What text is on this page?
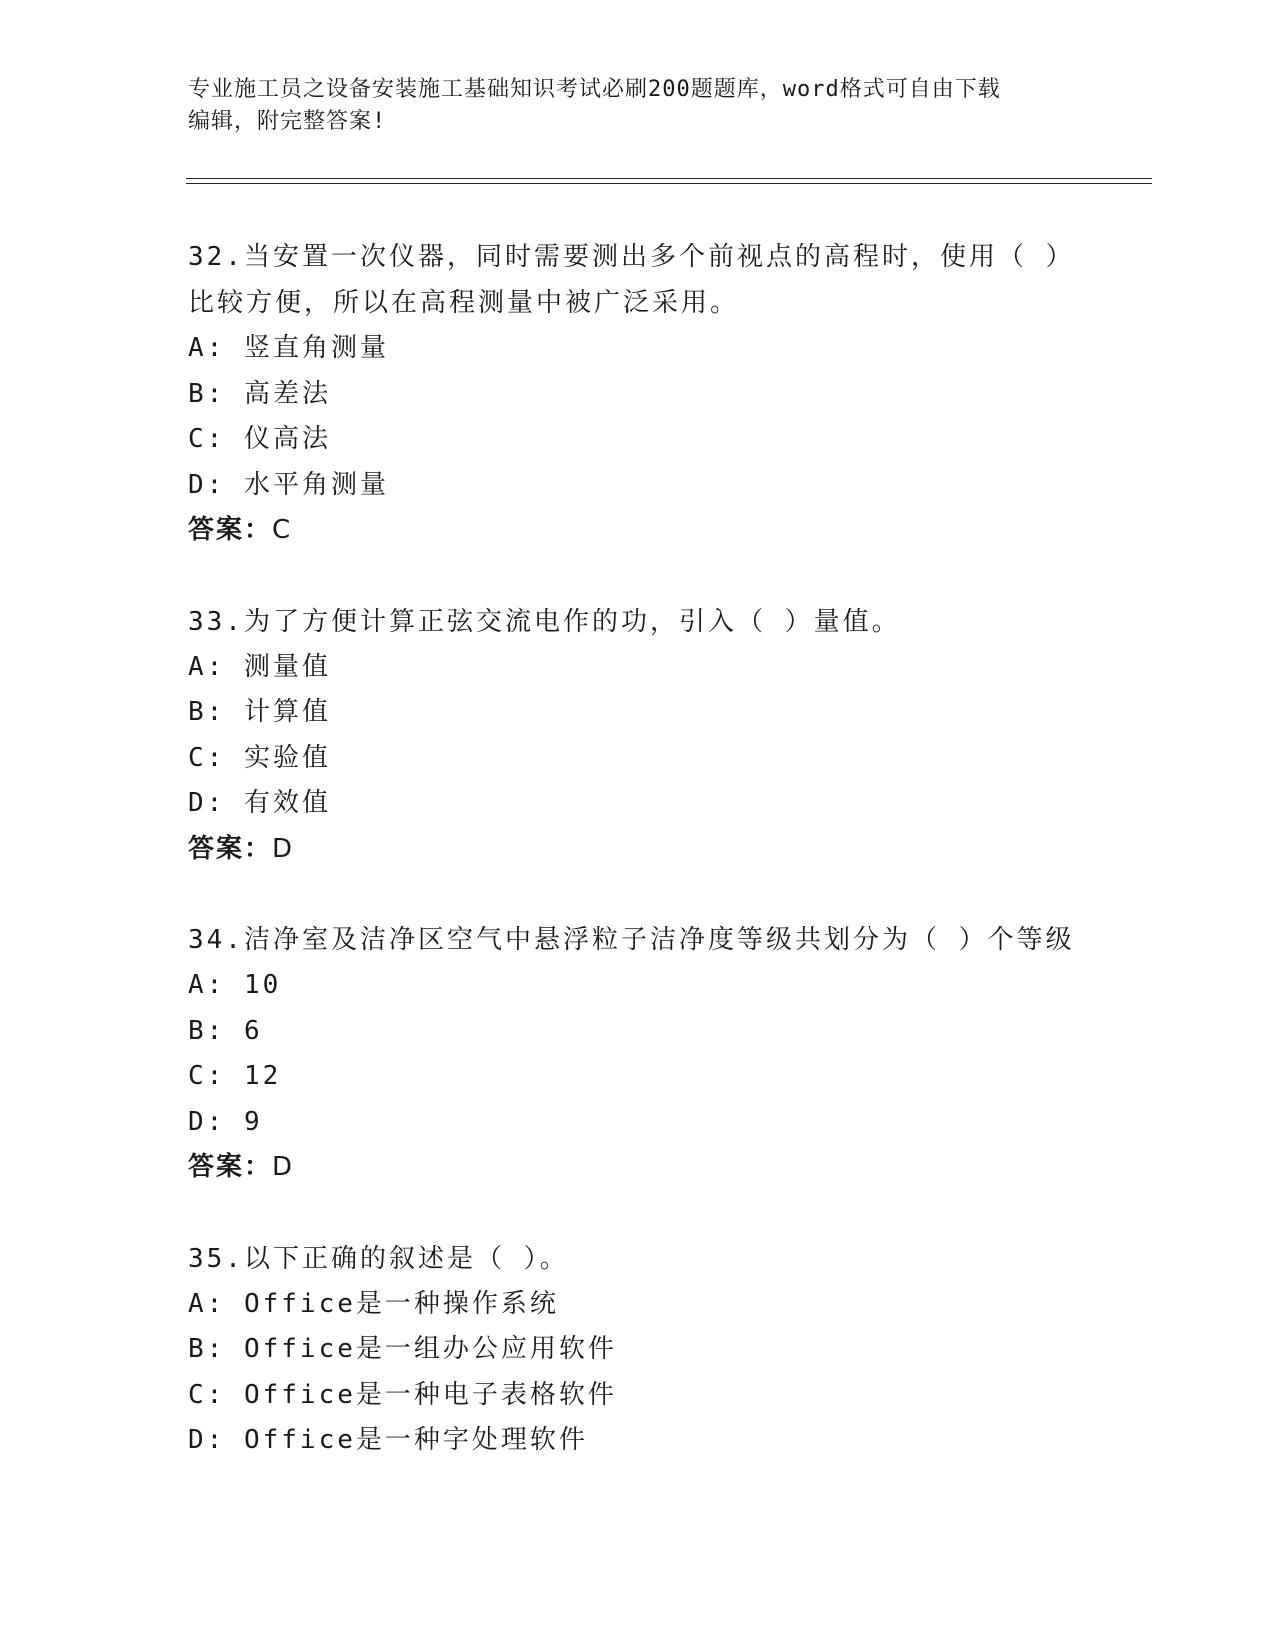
专业施工员之设备安装施工基础知识考试必刷200题题库，word格式可自由下载
编辑，附完整答案!
32.当安置一次仪器，同时需要测出多个前视点的高程时，使用（ ）
比较方便，所以在高程测量中被广泛采用。
A: 竖直角测量
B: 高差法
C: 仪高法
D: 水平角测量
答案：C
33.为了方便计算正弦交流电作的功，引入（ ）量值。
A: 测量值
B: 计算值
C: 实验值
D: 有效值
答案：D
34.洁净室及洁净区空气中悬浮粒子洁净度等级共划分为（ ）个等级
A: 10
B: 6
C: 12
D: 9
答案：D
35.以下正确的叙述是（ ）。
A: Office是一种操作系统
B: Office是一组办公应用软件
C: Office是一种电子表格软件
D: Office是一种字处理软件
